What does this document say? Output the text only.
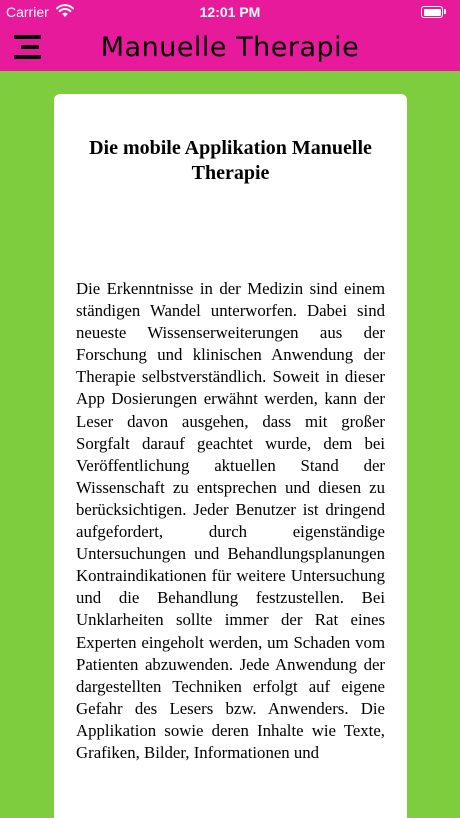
Carrier	12:01 PM
Manuelle Therapie
Die mobile Applikation Manuelle Therapie

Die Erkenntnisse in der Medizin sind einem ständigen Wandel unterworfen. Dabei sind neueste Wissenserweiterungen aus der Forschung und klinischen Anwendung der Therapie selbstverständlich. Soweit in dieser App Dosierungen erwähnt werden, kann der Leser davon ausgehen, dass mit großer Sorgfalt darauf geachtet wurde, dem bei Veröffentlichung aktuellen Stand der Wissenschaft zu entsprechen und diesen zu berücksichtigen. Jeder Benutzer ist dringend aufgefordert, durch eigenständige Untersuchungen und Behandlungsplanungen Kontraindikationen für weitere Untersuchung und die Behandlung festzustellen. Bei Unklarheiten sollte immer der Rat eines Experten eingeholt werden, um Schaden vom Patienten abzuwenden. Jede Anwendung der dargestellten Techniken erfolgt auf eigene Gefahr des Lesers bzw. Anwenders. Die Applikation sowie deren Inhalte wie Texte, Grafiken, Bilder, Informationen und
